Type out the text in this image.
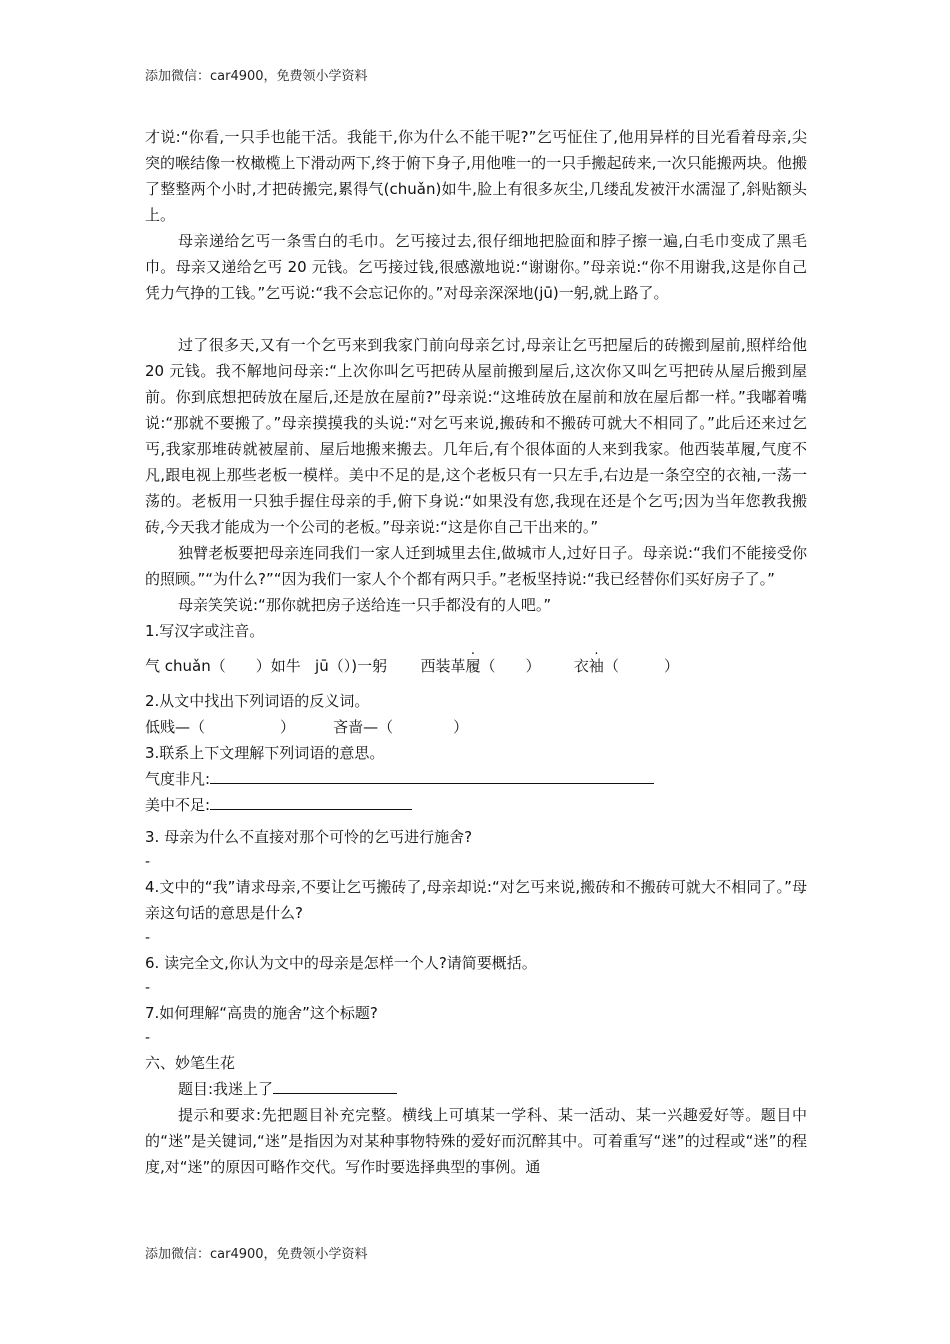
添加微信：car4900，免费领小学资料

才说:“你看,一只手也能干活。我能干,你为什么不能干呢?”乞丐怔住了,他用异样的目光看着母亲,尖突的喉结像一枚橄榄上下滑动两下,终于俯下身子,用他唯一的一只手搬起砖来,一次只能搬两块。他搬了整整两个小时,才把砖搬完,累得气(chuǎn)如牛,脸上有很多灰尘,几缕乱发被汗水濡湿了,斜贴额头上。

母亲递给乞丐一条雪白的毛巾。乞丐接过去,很仔细地把脸面和脖子擦一遍,白毛巾变成了黑毛巾。母亲又递给乞丐 20 元钱。乞丐接过钱,很感激地说:“谢谢你。”母亲说:“你不用谢我,这是你自己凭力气挣的工钱。”乞丐说:“我不会忘记你的。”对母亲深深地(jū)一躬,就上路了。

过了很多天,又有一个乞丐来到我家门前向母亲乞讨,母亲让乞丐把屋后的砖搬到屋前,照样给他 20 元钱。我不解地问母亲:“上次你叫乞丐把砖从屋前搬到屋后,这次你又叫乞丐把砖从屋后搬到屋前。你到底想把砖放在屋后,还是放在屋前?”母亲说:“这堆砖放在屋前和放在屋后都一样。”我嘟着嘴说:“那就不要搬了。”母亲摸摸我的头说:“对乞丐来说,搬砖和不搬砖可就大不相同了。”此后还来过乞丐,我家那堆砖就被屋前、屋后地搬来搬去。几年后,有个很体面的人来到我家。他西装革履,气度不凡,跟电视上那些老板一模样。美中不足的是,这个老板只有一只左手,右边是一条空空的衣袖,一荡一荡的。老板用一只独手握住母亲的手,俯下身说:“如果没有您,我现在还是个乞丐;因为当年您教我搬砖,今天我才能成为一个公司的老板。”母亲说:“这是你自己干出来的。”

独臂老板要把母亲连同我们一家人迁到城里去住,做城市人,过好日子。母亲说:“我们不能接受你的照顾。”“为什么?”“因为我们一家人个个都有两只手。”老板坚持说:“我已经替你们买好房子了。”

母亲笑笑说:“那你就把房子送给连一只手都没有的人吧。”

1.写汉字或注音。

气 chuǎn（　　）如牛 jū（）)一躬 西装革履（　　） 衣袖（　　　）

2.从文中找出下列词语的反义词。

低贱—（　　　　　）	吝啬—（　　　　）

3.联系上下文理解下列词语的意思。

气度非凡:

美中不足:

3. 母亲为什么不直接对那个可怜的乞丐进行施舍?

-

4.文中的“我”请求母亲,不要让乞丐搬砖了,母亲却说:“对乞丐来说,搬砖和不搬砖可就大不相同了。”母亲这句话的意思是什么?

-

6. 读完全文,你认为文中的母亲是怎样一个人?请简要概括。

-

7.如何理解“高贵的施舍”这个标题?

-

六、妙笔生花

题目:我迷上了

提示和要求:先把题目补充完整。横线上可填某一学科、某一活动、某一兴趣爱好等。题目中的“迷”是关键词,“迷”是指因为对某种事物特殊的爱好而沉醉其中。可着重写“迷”的过程或“迷”的程度,对“迷”的原因可略作交代。写作时要选择典型的事例。通

添加微信：car4900，免费领小学资料
